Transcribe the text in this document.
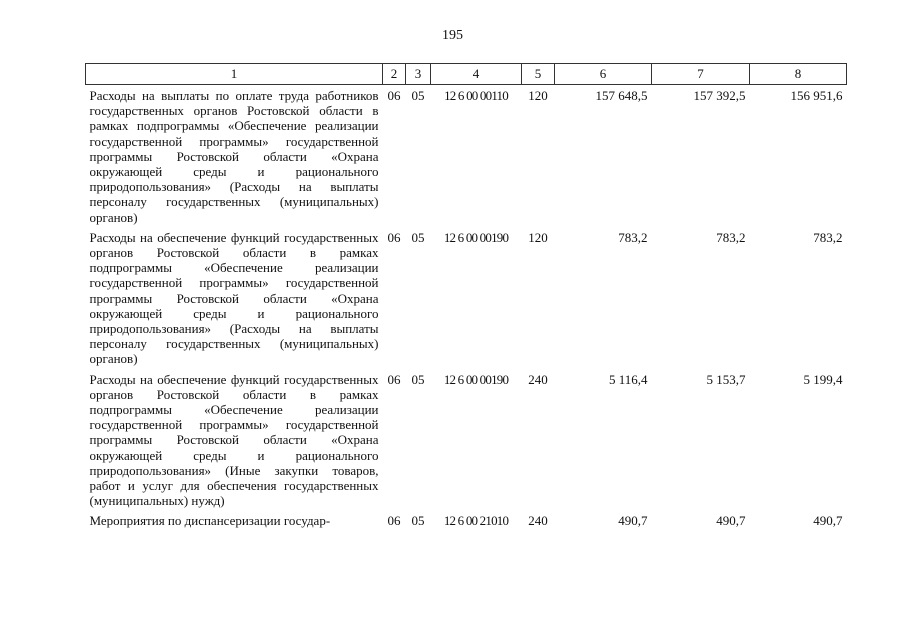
195
1	2	3	4	5	6	7	8
Расходы на выплаты по оплате труда работников государственных органов Ростовской области в рамках подпрограммы «Обеспечение реализации государственной программы» государственной программы Ростовской области «Охрана окружающей среды и рационального природопользования» (Расходы на выплаты персоналу государственных (муниципальных) органов)	06	05	12 6 00 00110	120	157 648,5	157 392,5	156 951,6
Расходы на обеспечение функций государственных органов Ростовской области в рамках подпрограммы «Обеспечение реализации государственной программы» государственной программы Ростовской области «Охрана окружающей среды и рационального природопользования» (Расходы на выплаты персоналу государственных (муниципальных) органов)	06	05	12 6 00 00190	120	783,2	783,2	783,2
Расходы на обеспечение функций государственных органов Ростовской области в рамках подпрограммы «Обеспечение реализации государственной программы» государственной программы Ростовской области «Охрана окружающей среды и рационального природопользования» (Иные закупки товаров, работ и услуг для обеспечения государственных (муниципальных) нужд)	06	05	12 6 00 00190	240	5 116,4	5 153,7	5 199,4
Мероприятия по диспансеризации государ-	06	05	12 6 00 21010	240	490,7	490,7	490,7
